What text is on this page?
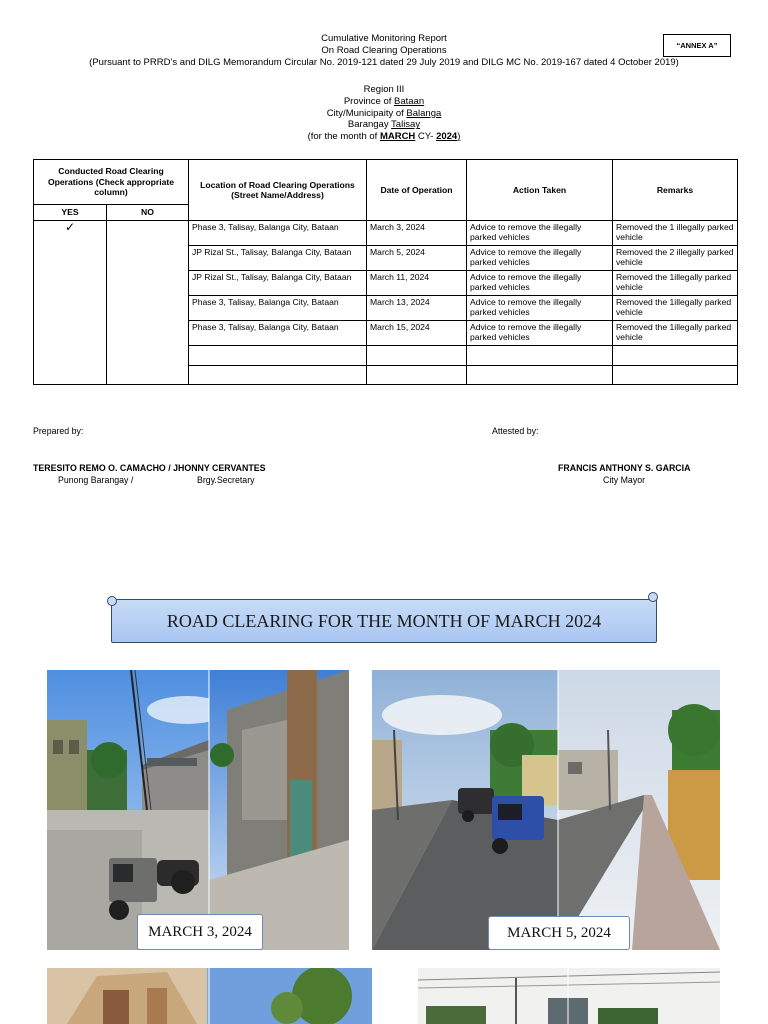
“ANNEX A”
Cumulative Monitoring Report
On Road Clearing Operations
(Pursuant to PRRD’s and DILG Memorandum Circular No. 2019-121 dated 29 July 2019 and DILG MC No. 2019-167 dated 4 October 2019)
Region III
Province of Bataan
City/Municipaity of Balanga
Barangay Talisay
(for the month of MARCH CY- 2024)
Conducted Road Clearing Operations (Check appropriate column)		Location of Road Clearing Operations (Street Name/Address)	Date of Operation	Action Taken	Remarks
YES	NO				
✓		Phase 3, Talisay, Balanga City, Bataan	March 3, 2024	Advice to remove the illegally parked vehicles	Removed the 1 illegally parked vehicle
		JP Rizal St., Talisay, Balanga City, Bataan	March 5, 2024	Advice to remove the illegally parked vehicles	Removed the 2 illegally parked vehicle
		JP Rizal St., Talisay, Balanga City, Bataan	March 11, 2024	Advice to remove the illegally parked vehicles	Removed the 1illegally parked vehicle
		Phase 3, Talisay, Balanga City, Bataan	March 13, 2024	Advice to remove the illegally parked vehicles	Removed the 1illegally parked vehicle
		Phase 3, Talisay, Balanga City, Bataan	March 15, 2024	Advice to remove the illegally parked vehicles	Removed the 1illegally parked vehicle

Prepared by:	Attested by:
TERESITO REMO O. CAMACHO / JHONNY CERVANTES
Punong Barangay /	Brgy.Secretary
FRANCIS ANTHONY S. GARCIA
City Mayor
ROAD CLEARING FOR THE MONTH OF MARCH 2024
MARCH 3, 2024	MARCH 5, 2024
